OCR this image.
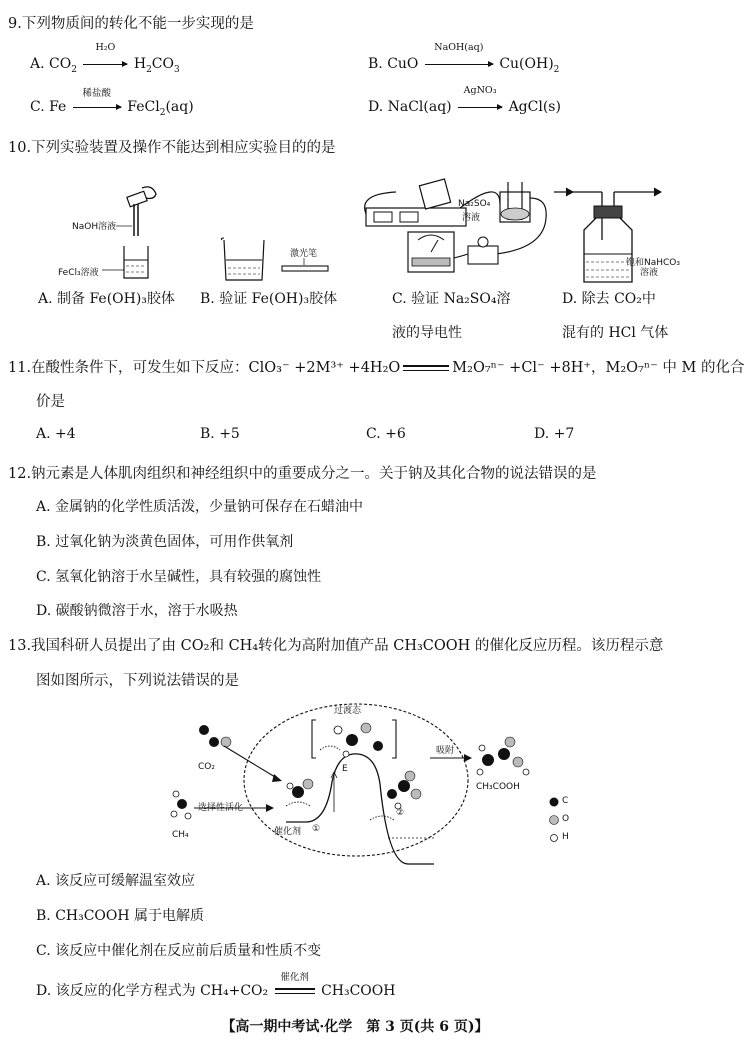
9.下列物质间的转化不能一步实现的是
A. $CO_2$
H₂O
$H_2CO_3$	B. CuO
NaOH(aq)
$Cu(OH)_2$
C. Fe
稀盐酸
FeCl$_2$(aq)	D. NaCl(aq)
AgNO₃
AgCl(s)
10.下列实验装置及操作不能达到相应实验目的的是
NaOH溶液
FeCl₃溶液
激光笔
Na₂SO₄
溶液
饱和NaHCO₃
溶液
A. 制备 Fe(OH)₃胶体 B. 验证 Fe(OH)₃胶体	C. 验证 Na₂SO₄溶
液的导电性
D. 除去 CO₂中
混有的 HCl 气体
11.在酸性条件下，可发生如下反应：ClO₃⁻ +2M³⁺ +4H₂O	M₂O₇ⁿ⁻ +Cl⁻ +8H⁺，M₂O₇ⁿ⁻ 中 M 的化合
价是
A. +4	B. +5	C. +6	D. +7
12.钠元素是人体肌肉组织和神经组织中的重要成分之一。关于钠及其化合物的说法错误的是
A. 金属钠的化学性质活泼，少量钠可保存在石蜡油中
B. 过氧化钠为淡黄色固体，可用作供氧剂
C. 氢氧化钠溶于水呈碱性，具有较强的腐蚀性
D. 碳酸钠微溶于水，溶于水吸热
13.我国科研人员提出了由 CO₂和 CH₄转化为高附加值产品 CH₃COOH 的催化反应历程。该历程示意
图如图所示，下列说法错误的是
过渡态
CO₂
CH₄
选择性活化
催化剂 ①
②
E
吸附
CH₃COOH
C
O
H
A. 该反应可缓解温室效应
B. CH₃COOH 属于电解质
C. 该反应中催化剂在反应前后质量和性质不变
D. 该反应的化学方程式为 CH₄+CO₂
催化剂
CH₃COOH
【高一期中考试·化学　第 3 页(共 6 页)】
